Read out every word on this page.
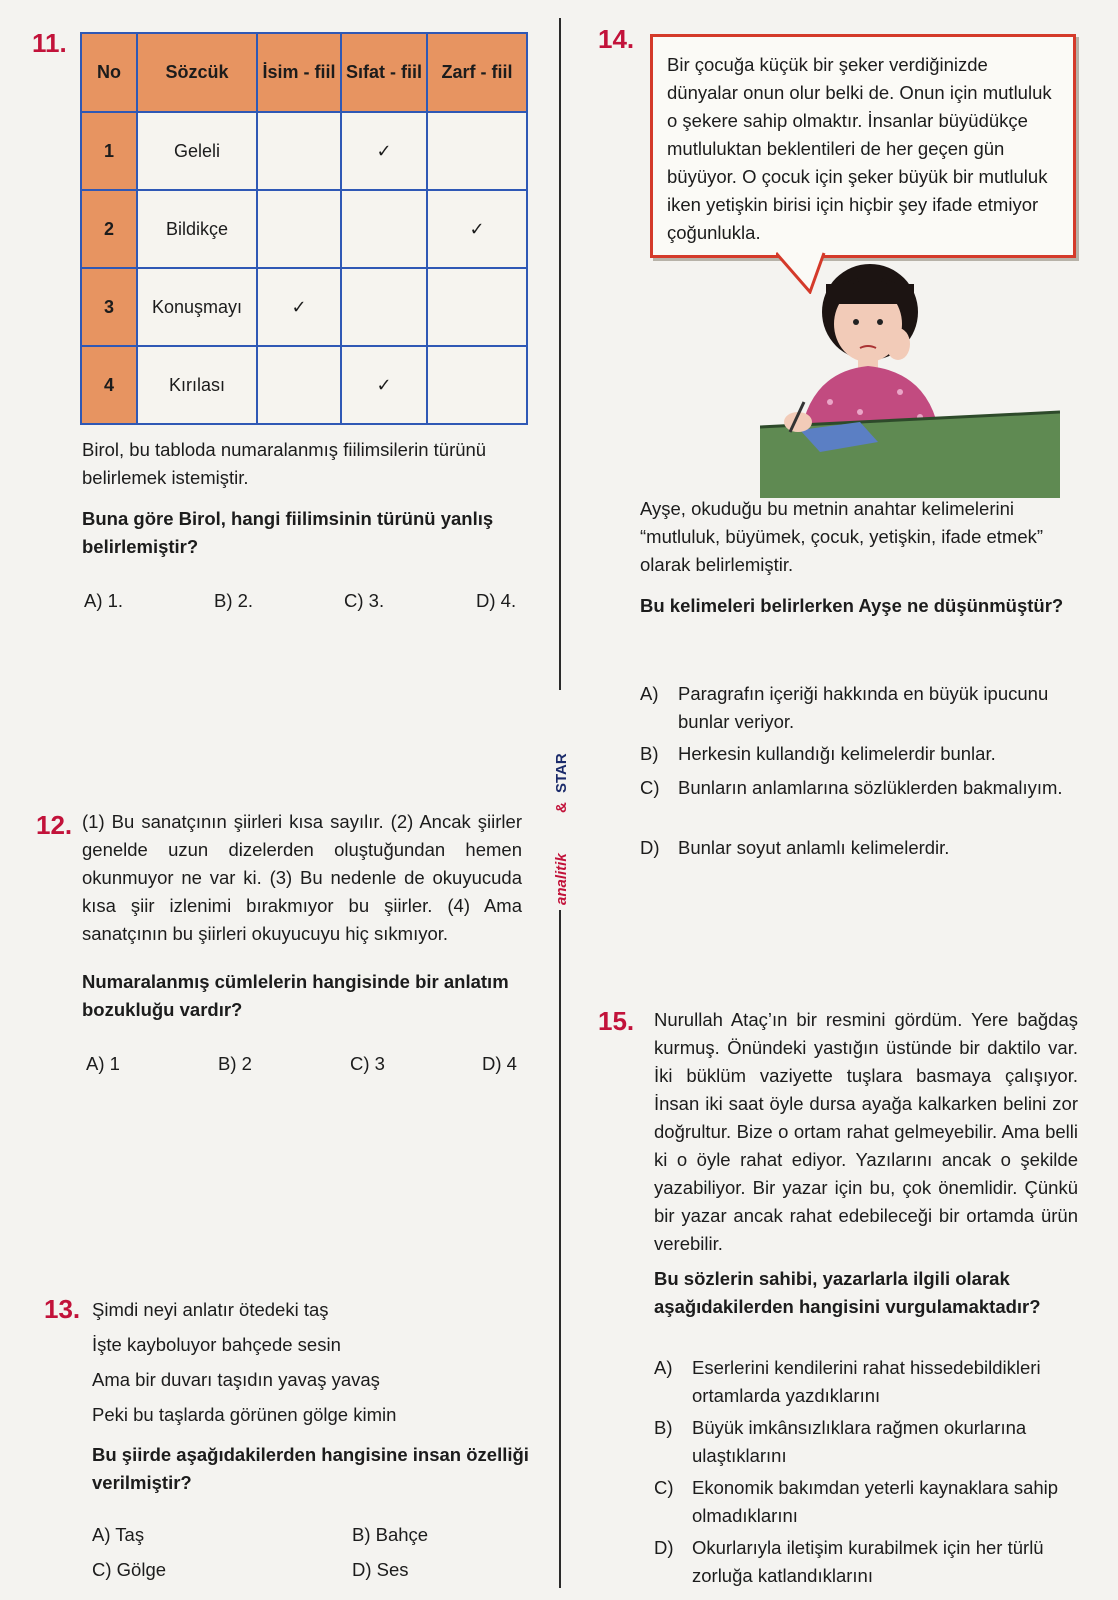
11.
No	Sözcük	İsim - fiil	Sıfat - fiil	Zarf - fiil
1	Geleli		✓	
2	Bildikçe			✓
3	Konuşmayı	✓		
4	Kırılası		✓	
Birol, bu tabloda numaralanmış fiilimsilerin türünü belirlemek istemiştir.
Buna göre Birol, hangi fiilimsinin türünü yanlış belirlemiştir?
A) 1.	B) 2.	C) 3.	D) 4.
12. (1) Bu sanatçının şiirleri kısa sayılır. (2) Ancak şiirler genelde uzun dizelerden oluştuğundan hemen okunmuyor ne var ki. (3) Bu nedenle de okuyucuda kısa şiir izlenimi bırakmıyor bu şiirler. (4) Ama sanatçının bu şiirleri okuyucuyu hiç sıkmıyor.
Numaralanmış cümlelerin hangisinde bir anlatım bozukluğu vardır?
A) 1	B) 2	C) 3	D) 4
13. Şimdi neyi anlatır ötedeki taş
İşte kayboluyor bahçede sesin
Ama bir duvarı taşıdın yavaş yavaş
Peki bu taşlarda görünen gölge kimin
Bu şiirde aşağıdakilerden hangisine insan özelliği verilmiştir?
A) Taş	B) Bahçe
C) Gölge	D) Ses
analitik
&
STAR
14.
Bir çocuğa küçük bir şeker verdiğinizde dünyalar onun olur belki de. Onun için mutluluk o şekere sahip olmaktır. İnsanlar büyüdükçe mutluluktan beklentileri de her geçen gün büyüyor. O çocuk için şeker büyük bir mutluluk iken yetişkin birisi için hiçbir şey ifade etmiyor çoğunlukla.
Ayşe, okuduğu bu metnin anahtar kelimelerini “mutluluk, büyümek, çocuk, yetişkin, ifade etmek” olarak belirlemiştir.
Bu kelimeleri belirlerken Ayşe ne düşünmüştür?
A)	Paragrafın içeriği hakkında en büyük ipucunu bunlar veriyor.
B)	Herkesin kullandığı kelimelerdir bunlar.
C) Bunların anlamlarına sözlüklerden bakmalıyım.
D) Bunlar soyut anlamlı kelimelerdir.
15. Nurullah Ataç’ın bir resmini gördüm. Yere bağdaş kurmuş. Önündeki yastığın üstünde bir daktilo var. İki büklüm vaziyette tuşlara basmaya çalışıyor. İnsan iki saat öyle dursa ayağa kalkarken belini zor doğrultur. Bize o ortam rahat gelmeyebilir. Ama belli ki o öyle rahat ediyor. Yazılarını ancak o şekilde yazabiliyor. Bir yazar için bu, çok önemlidir. Çünkü bir yazar ancak rahat edebileceği bir ortamda ürün verebilir.
Bu sözlerin sahibi, yazarlarla ilgili olarak aşağıdakilerden hangisini vurgulamaktadır?
A)	Eserlerini kendilerini rahat hissedebildikleri ortamlarda yazdıklarını
B)	Büyük imkânsızlıklara rağmen okurlarına ulaştıklarını
C) Ekonomik bakımdan yeterli kaynaklara sahip olmadıklarını
D) Okurlarıyla iletişim kurabilmek için her türlü zorluğa katlandıklarını
